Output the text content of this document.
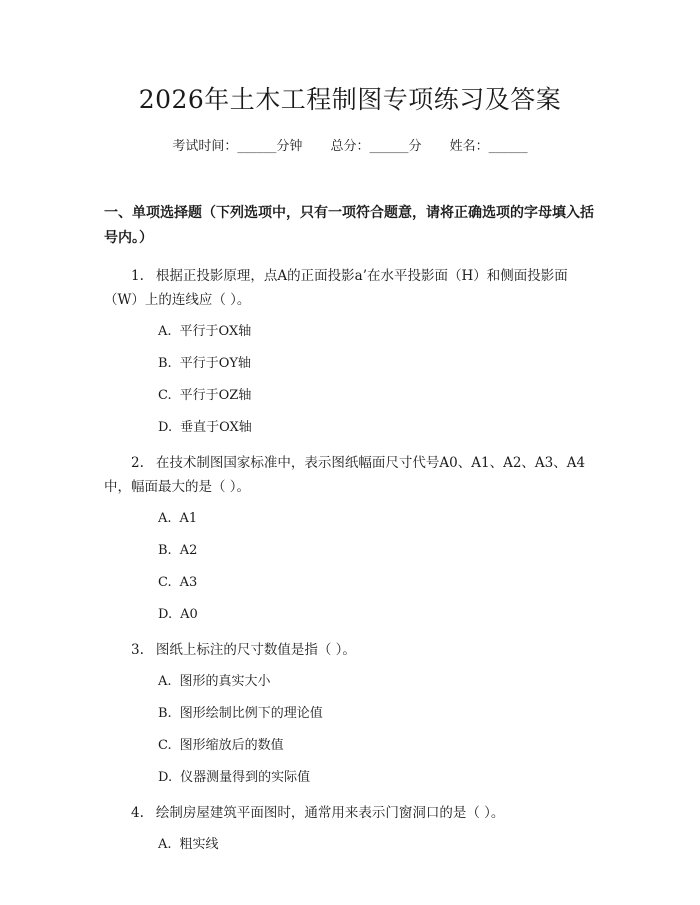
2026年土木工程制图专项练习及答案
考试时间：______分钟 总分：______分 姓名：______
一、单项选择题（下列选项中，只有一项符合题意，请将正确选项的字母填入括号内。）
1. 根据正投影原理，点A的正面投影a’在水平投影面（H）和侧面投影面（W）上的连线应（ ）。
A. 平行于OX轴
B. 平行于OY轴
C. 平行于OZ轴
D. 垂直于OX轴
2. 在技术制图国家标准中，表示图纸幅面尺寸代号A0、A1、A2、A3、A4中，幅面最大的是（ ）。
A. A1
B. A2
C. A3
D. A0
3. 图纸上标注的尺寸数值是指（ ）。
A. 图形的真实大小
B. 图形绘制比例下的理论值
C. 图形缩放后的数值
D. 仪器测量得到的实际值
4. 绘制房屋建筑平面图时，通常用来表示门窗洞口的是（ ）。
A. 粗实线
